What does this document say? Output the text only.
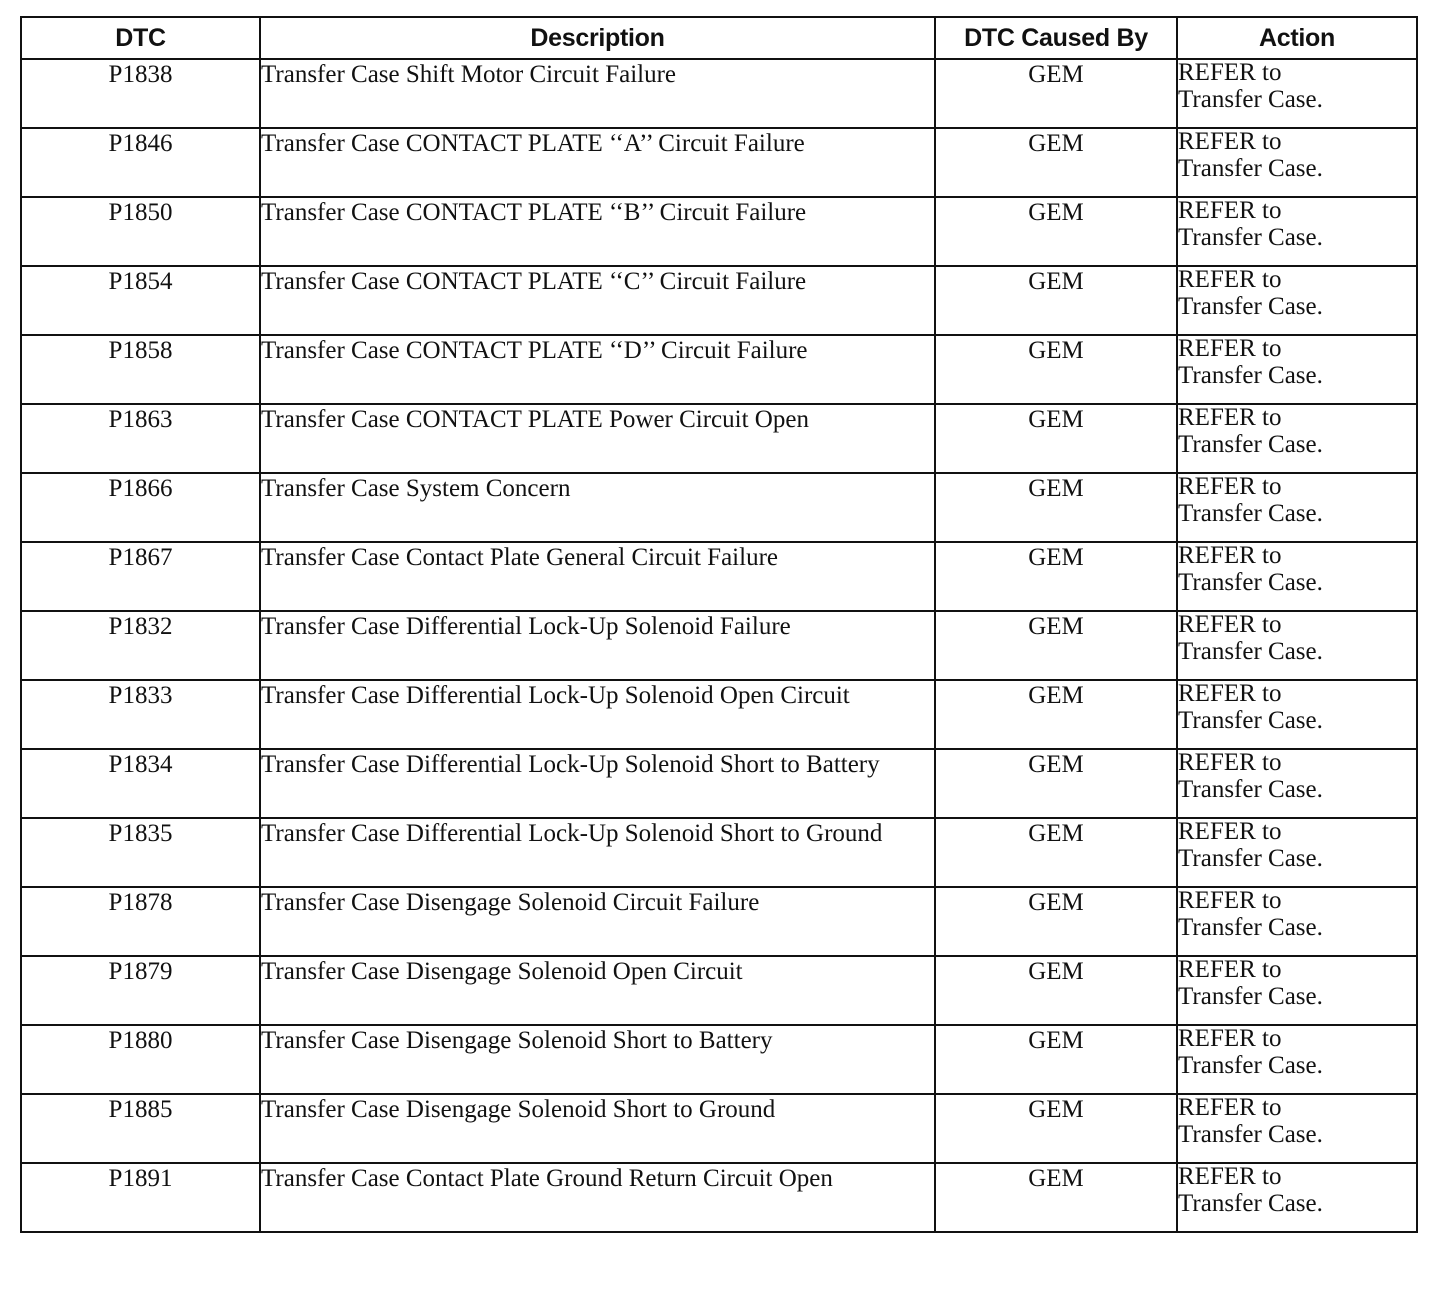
DTC	Description	DTC Caused By	Action
P1838	Transfer Case Shift Motor Circuit Failure	GEM	REFER to
Transfer Case.

P1846	Transfer Case CONTACT PLATE ‘‘A’’ Circuit Failure	GEM	REFER to
Transfer Case.

P1850	Transfer Case CONTACT PLATE ‘‘B’’ Circuit Failure	GEM	REFER to
Transfer Case.

P1854	Transfer Case CONTACT PLATE ‘‘C’’ Circuit Failure	GEM	REFER to
Transfer Case.

P1858	Transfer Case CONTACT PLATE ‘‘D’’ Circuit Failure	GEM	REFER to
Transfer Case.

P1863	Transfer Case CONTACT PLATE Power Circuit Open	GEM	REFER to
Transfer Case.

P1866	Transfer Case System Concern	GEM	REFER to
Transfer Case.

P1867	Transfer Case Contact Plate General Circuit Failure	GEM	REFER to
Transfer Case.

P1832	Transfer Case Differential Lock-Up Solenoid Failure	GEM	REFER to
Transfer Case.

P1833	Transfer Case Differential Lock-Up Solenoid Open Circuit	GEM	REFER to
Transfer Case.

P1834	Transfer Case Differential Lock-Up Solenoid Short to Battery	GEM	REFER to
Transfer Case.

P1835	Transfer Case Differential Lock-Up Solenoid Short to Ground	GEM	REFER to
Transfer Case.

P1878	Transfer Case Disengage Solenoid Circuit Failure	GEM	REFER to
Transfer Case.

P1879	Transfer Case Disengage Solenoid Open Circuit	GEM	REFER to
Transfer Case.

P1880	Transfer Case Disengage Solenoid Short to Battery	GEM	REFER to
Transfer Case.

P1885	Transfer Case Disengage Solenoid Short to Ground	GEM	REFER to
Transfer Case.

P1891	Transfer Case Contact Plate Ground Return Circuit Open	GEM	REFER to
Transfer Case.
